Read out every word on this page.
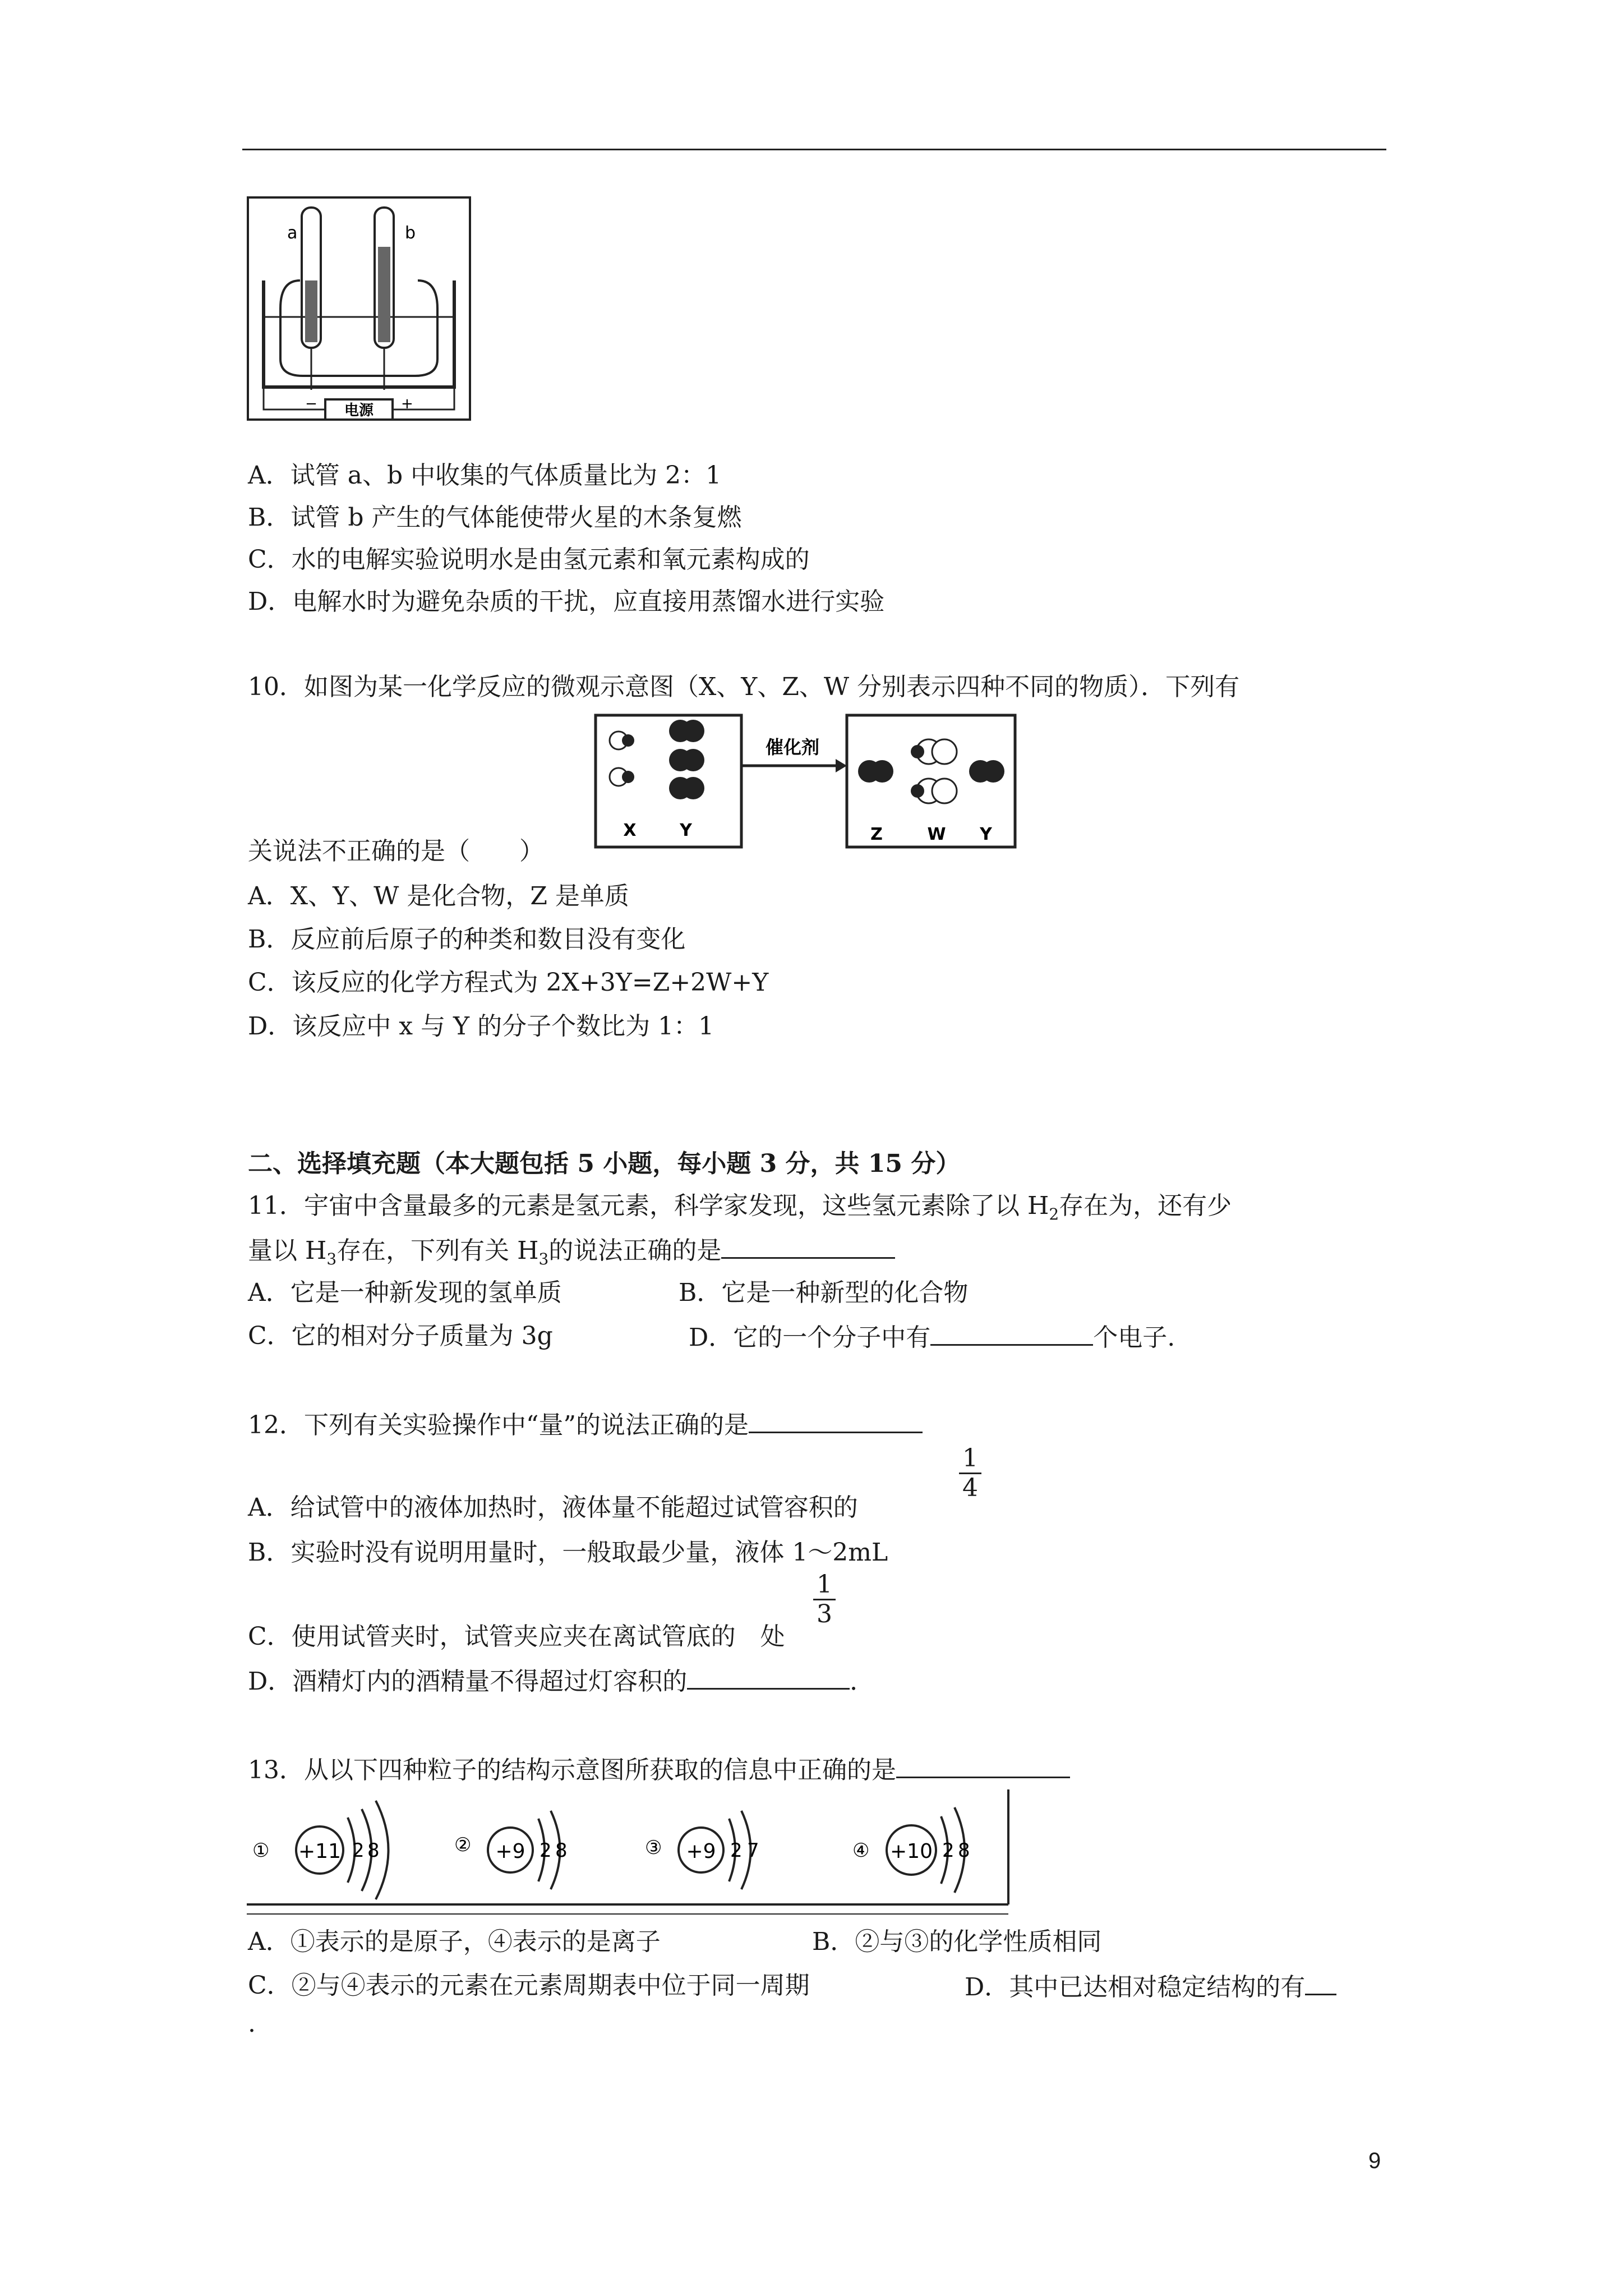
电源
a	b
−	+
A．试管 a、b 中收集的气体质量比为 2：1
B．试管 b 产生的气体能使带火星的木条复燃
C．水的电解实验说明水是由氢元素和氧元素构成的
D．电解水时为避免杂质的干扰，应直接用蒸馏水进行实验
10．如图为某一化学反应的微观示意图（X、Y、Z、W 分别表示四种不同的物质）．下列有
X	Y
催化剂
Z	W Y
关说法不正确的是（　　）
A．X、Y、W 是化合物，Z 是单质
B．反应前后原子的种类和数目没有变化
C．该反应的化学方程式为 2X+3Y=Z+2W+Y
D．该反应中 x 与 Y 的分子个数比为 1：1
二、选择填充题（本大题包括 5 小题，每小题 3 分，共 15 分）
11．宇宙中含量最多的元素是氢元素，科学家发现，这些氢元素除了以 $H_2$存在为，还有少
量以 $H_3$存在，下列有关 $H_3$的说法正确的是
A．它是一种新发现的氢单质	B．它是一种新型的化合物
C．它的相对分子质量为 3g	D．它的一个分子中有	个电子.
12．下列有关实验操作中“量”的说法正确的是
$\frac{1}{4}$
A．给试管中的液体加热时，液体量不能超过试管容积的
B．实验时没有说明用量时，一般取最少量，液体 1～2mL
$\frac{1}{3}$
C．使用试管夹时，试管夹应夹在离试管底的 处
D．酒精灯内的酒精量不得超过灯容积的	．
13．从以下四种粒子的结构示意图所获取的信息中正确的是
① +11 2 8	② +9 2 8	③ +9 2 7	④ +10 2 8
A．①表示的是原子，④表示的是离子	B．②与③的化学性质相同
C．②与④表示的元素在元素周期表中位于同一周期	D．其中已达相对稳定结构的有
.
9
